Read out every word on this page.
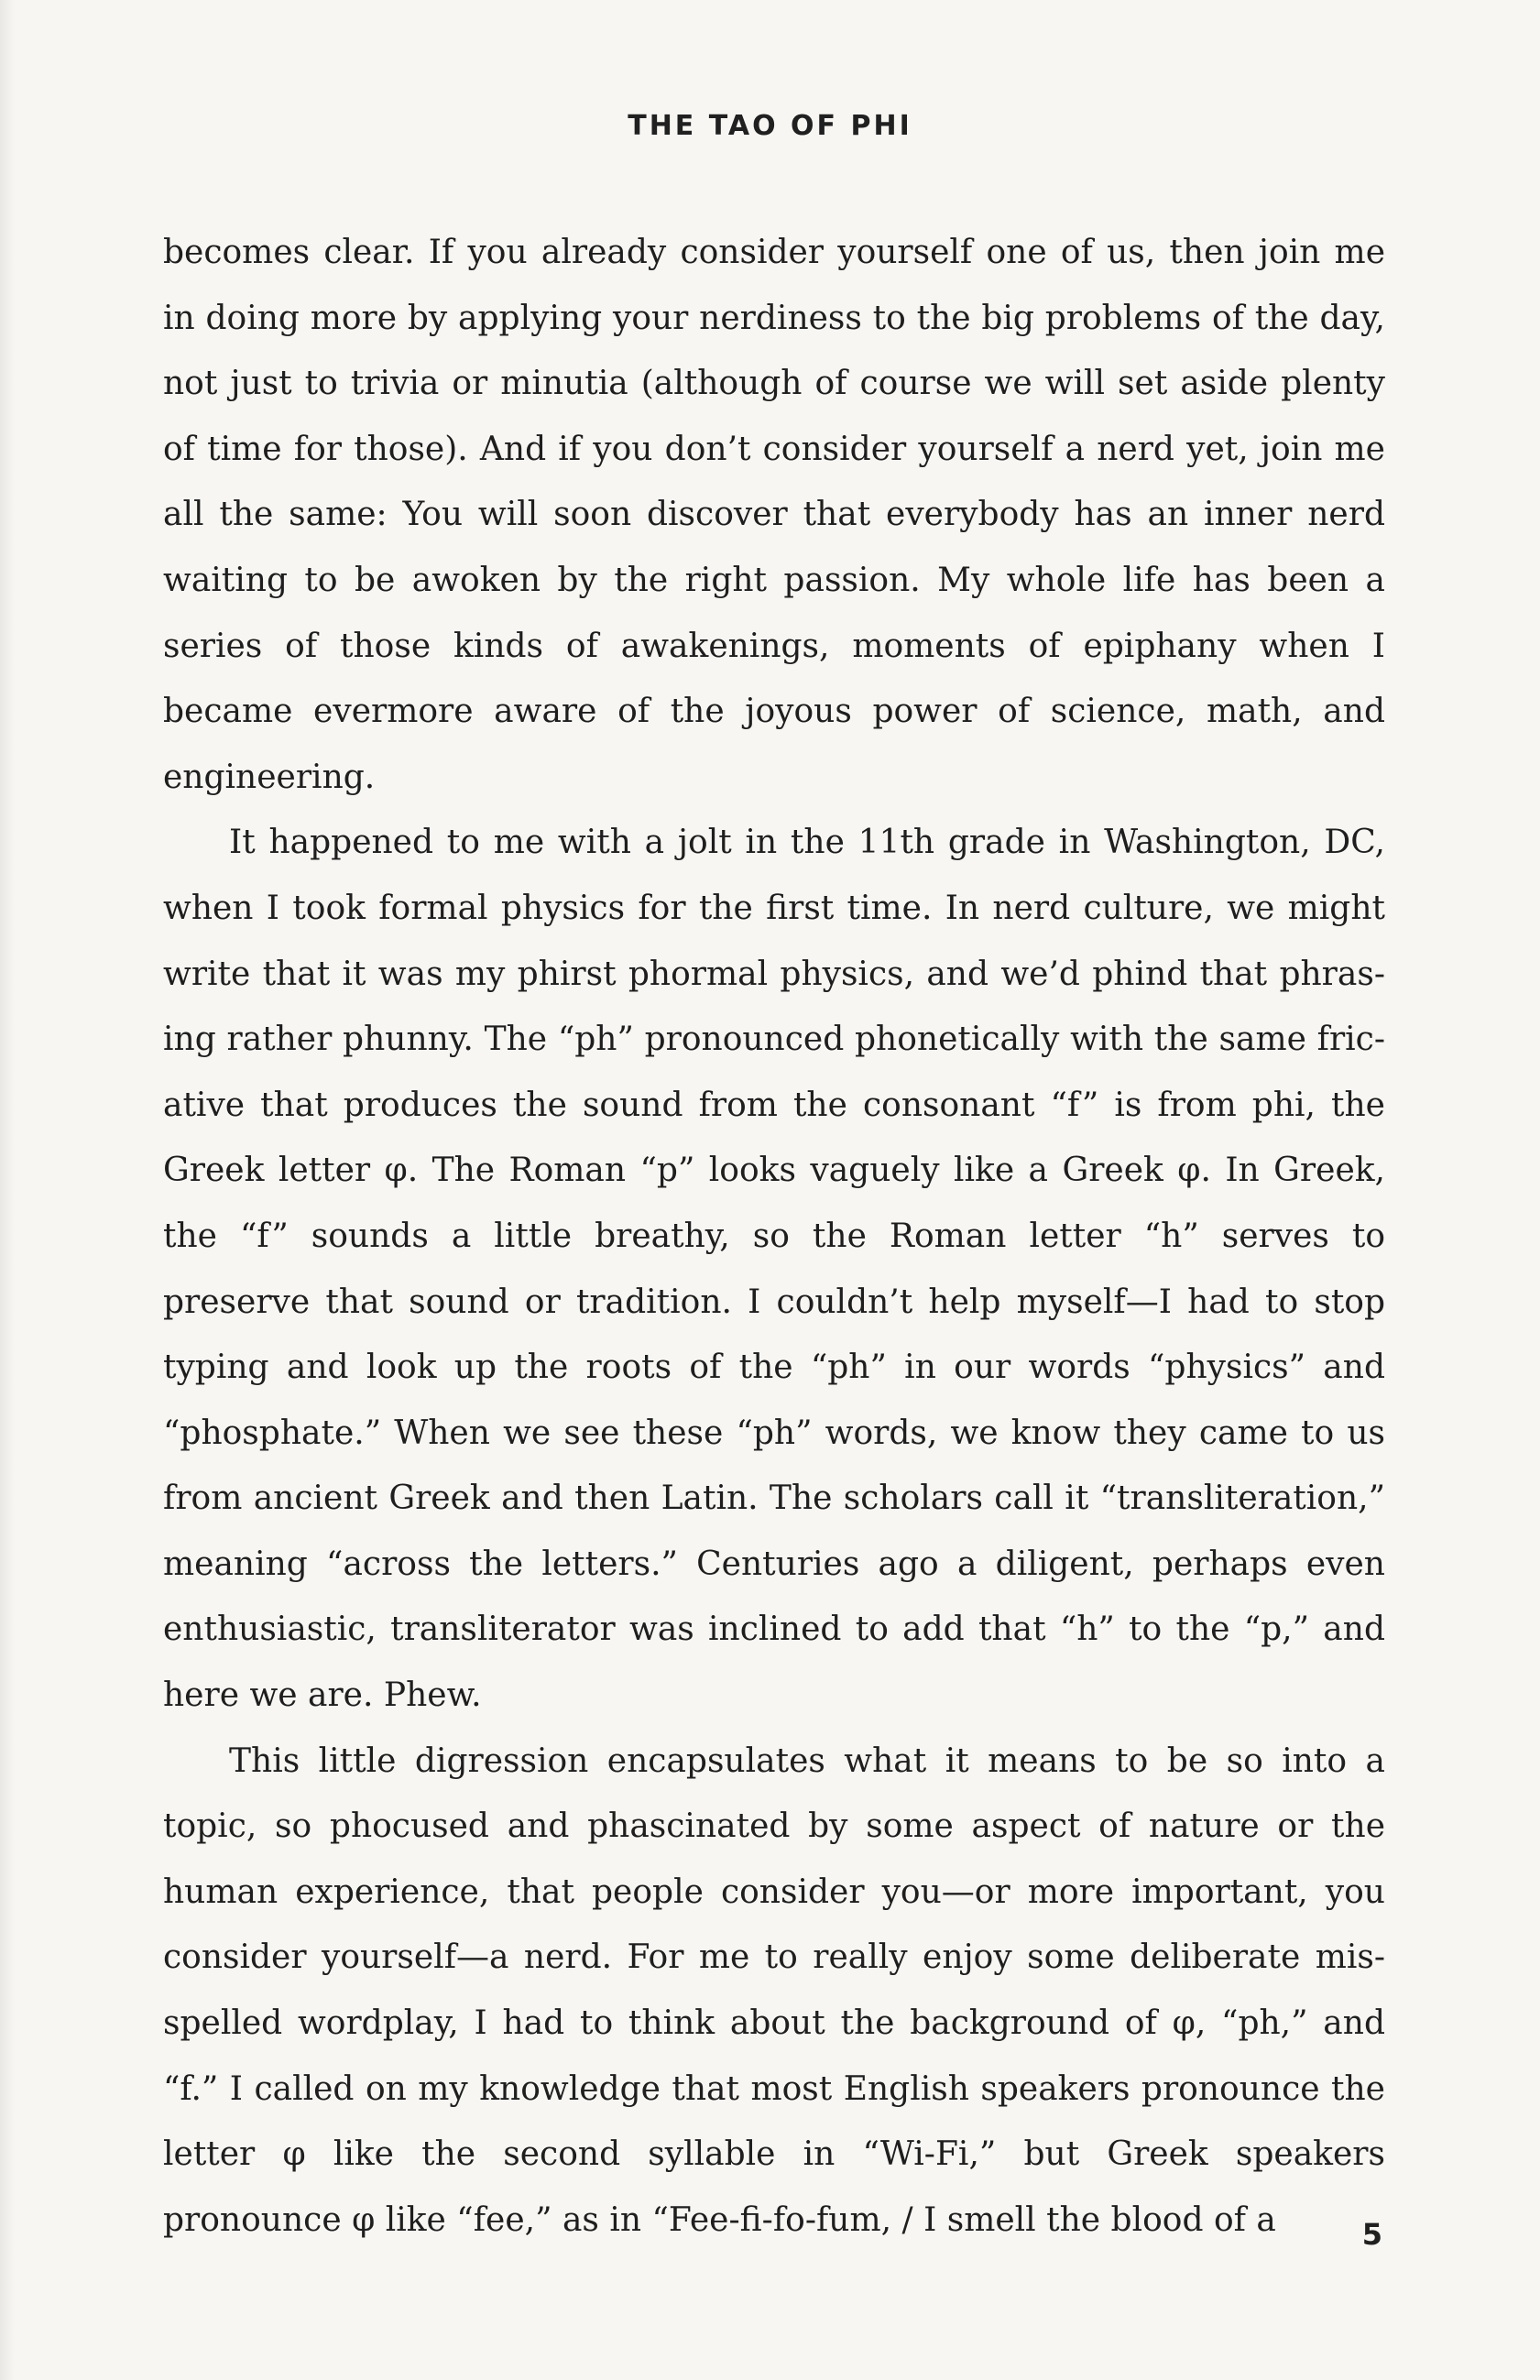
THE TAO OF PHI

becomes clear. If you already consider yourself one of us, then join me in doing more by applying your nerdiness to the big problems of the day, not just to trivia or minutia (although of course we will set aside plenty of time for those). And if you don’t consider yourself a nerd yet, join me all the same: You will soon discover that everybody has an inner nerd waiting to be awoken by the right passion. My whole life has been a series of those kinds of awakenings, moments of epiphany when I became evermore aware of the joyous power of science, math, and engineering.

It happened to me with a jolt in the 11th grade in Washington, DC, when I took formal physics for the first time. In nerd culture, we might write that it was my phirst phormal physics, and we’d phind that phrasing rather phunny. The “ph” pronounced phonetically with the same fricative that produces the sound from the consonant “f” is from phi, the Greek letter φ. The Roman “p” looks vaguely like a Greek φ. In Greek, the “f” sounds a little breathy, so the Roman letter “h” serves to preserve that sound or tradition. I couldn’t help myself—I had to stop typing and look up the roots of the “ph” in our words “physics” and “phosphate.” When we see these “ph” words, we know they came to us from ancient Greek and then Latin. The scholars call it “transliteration,” meaning “across the letters.” Centuries ago a diligent, perhaps even enthusiastic, transliterator was inclined to add that “h” to the “p,” and here we are. Phew.

This little digression encapsulates what it means to be so into a topic, so phocused and phascinated by some aspect of nature or the human experience, that people consider you—or more important, you consider yourself—a nerd. For me to really enjoy some deliberate misspelled wordplay, I had to think about the background of φ, “ph,” and “f.” I called on my knowledge that most English speakers pronounce the letter φ like the second syllable in “Wi-Fi,” but Greek speakers pronounce φ like “fee,” as in “Fee-fi-fo-fum, / I smell the blood of a	5
